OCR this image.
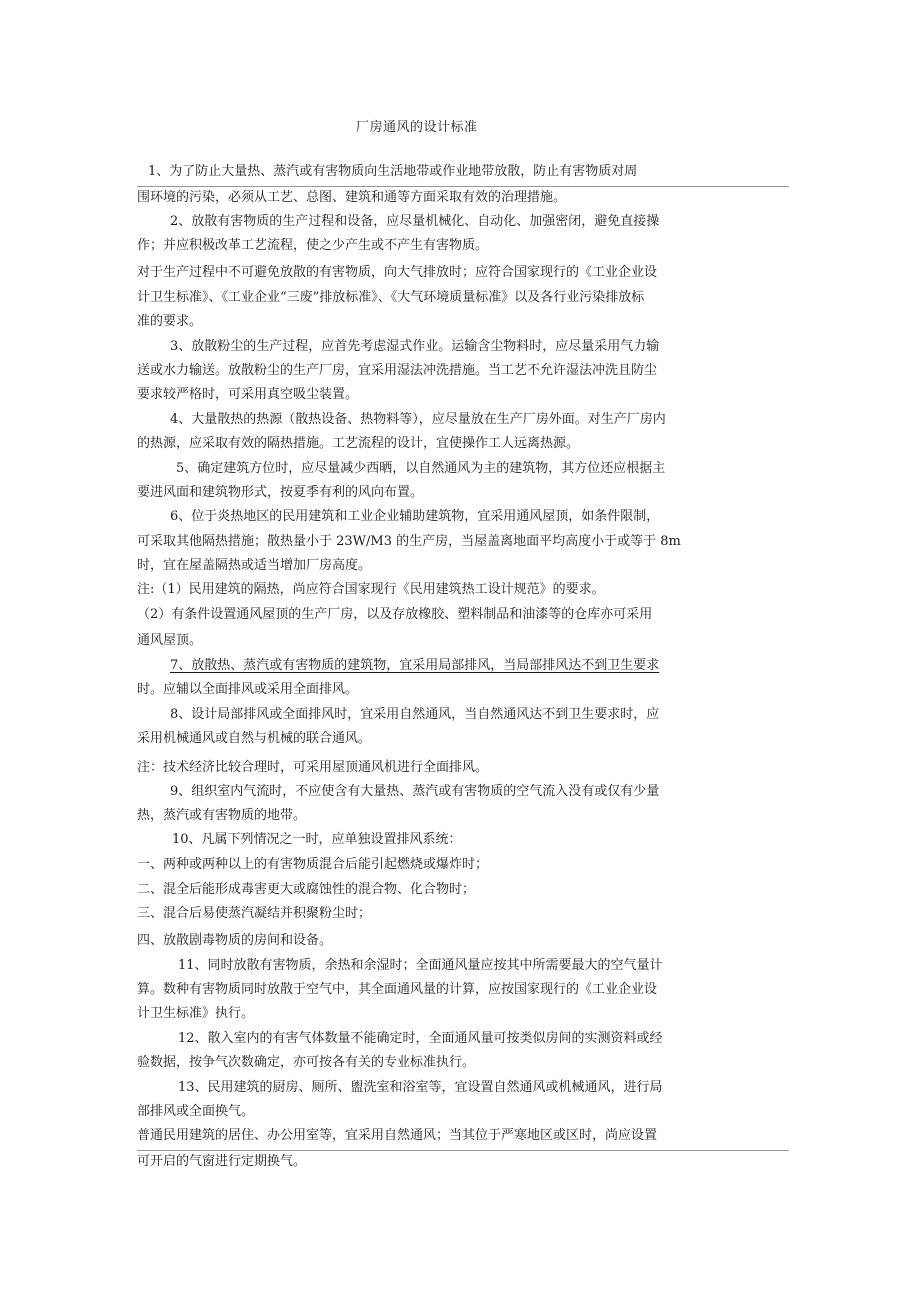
厂房通风的设计标准
1、为了防止大量热、蒸汽或有害物质向生活地带或作业地带放散，防止有害物质对周
围环境的污染，必须从工艺、总图、建筑和通等方面采取有效的治理措施。
2、放散有害物质的生产过程和设备，应尽量机械化、自动化、加强密闭，避免直接操
作；并应积极改革工艺流程，使之少产生或不产生有害物质。
对于生产过程中不可避免放散的有害物质，向大气排放时；应符合国家现行的《工业企业设
计卫生标准》、《工业企业“三废”排放标准》、《大气环境质量标准》以及各行业污染排放标
准的要求。
3、放散粉尘的生产过程，应首先考虑湿式作业。运输含尘物料时，应尽量采用气力输
送或水力输送。放散粉尘的生产厂房，宜采用湿法冲洗措施。当工艺不允许湿法冲洗且防尘
要求较严格时，可采用真空吸尘装置。
4、大量散热的热源（散热设备、热物料等），应尽量放在生产厂房外面。对生产厂房内
的热源，应采取有效的隔热措施。工艺流程的设计，宜使操作工人远离热源。
5、确定建筑方位时，应尽量减少西晒，以自然通风为主的建筑物，其方位还应根据主
要进风面和建筑物形式，按夏季有利的风向布置。
6、位于炎热地区的民用建筑和工业企业辅助建筑物，宜采用通风屋顶，如条件限制，
可采取其他隔热措施；散热量小于 23W/M3 的生产房，当屋盖离地面平均高度小于或等于 8m
时，宜在屋盖隔热或适当增加厂房高度。
注:（1）民用建筑的隔热，尚应符合国家现行《民用建筑热工设计规范》的要求。
（2）有条件设置通风屋顶的生产厂房，以及存放橡胶、塑料制品和油漆等的仓库亦可采用
通风屋顶。
7、放散热、蒸汽或有害物质的建筑物，宜采用局部排风，当局部排风达不到卫生要求
时。应辅以全面排风或采用全面排风。
8、设计局部排风或全面排风时，宜采用自然通风，当自然通风达不到卫生要求时，应
采用机械通风或自然与机械的联合通风。
注：技术经济比较合理时，可采用屋顶通风机进行全面排风。
9、组织室内气流时，不应使含有大量热、蒸汽或有害物质的空气流入没有或仅有少量
热，蒸汽或有害物质的地带。
10、凡属下列情况之一时，应单独设置排风系统：
一、两种或两种以上的有害物质混合后能引起燃烧或爆炸时；
二、混全后能形成毒害更大或腐蚀性的混合物、化合物时；
三、混合后易使蒸汽凝结并积聚粉尘时；
四、放散剧毒物质的房间和设备。
11、同时放散有害物质，余热和余湿时；全面通风量应按其中所需要最大的空气量计
算。数种有害物质同时放散于空气中，其全面通风量的计算，应按国家现行的《工业企业设
计卫生标准》执行。
12、散入室内的有害气体数量不能确定时，全面通风量可按类似房间的实测资料或经
验数据，按争气次数确定，亦可按各有关的专业标准执行。
13、民用建筑的厨房、厕所、盥洗室和浴室等，宜设置自然通风或机械通风，进行局
部排风或全面换气。
普通民用建筑的居住、办公用室等，宜采用自然通风；当其位于严寒地区或区时，尚应设置
可开启的气窗进行定期换气。
